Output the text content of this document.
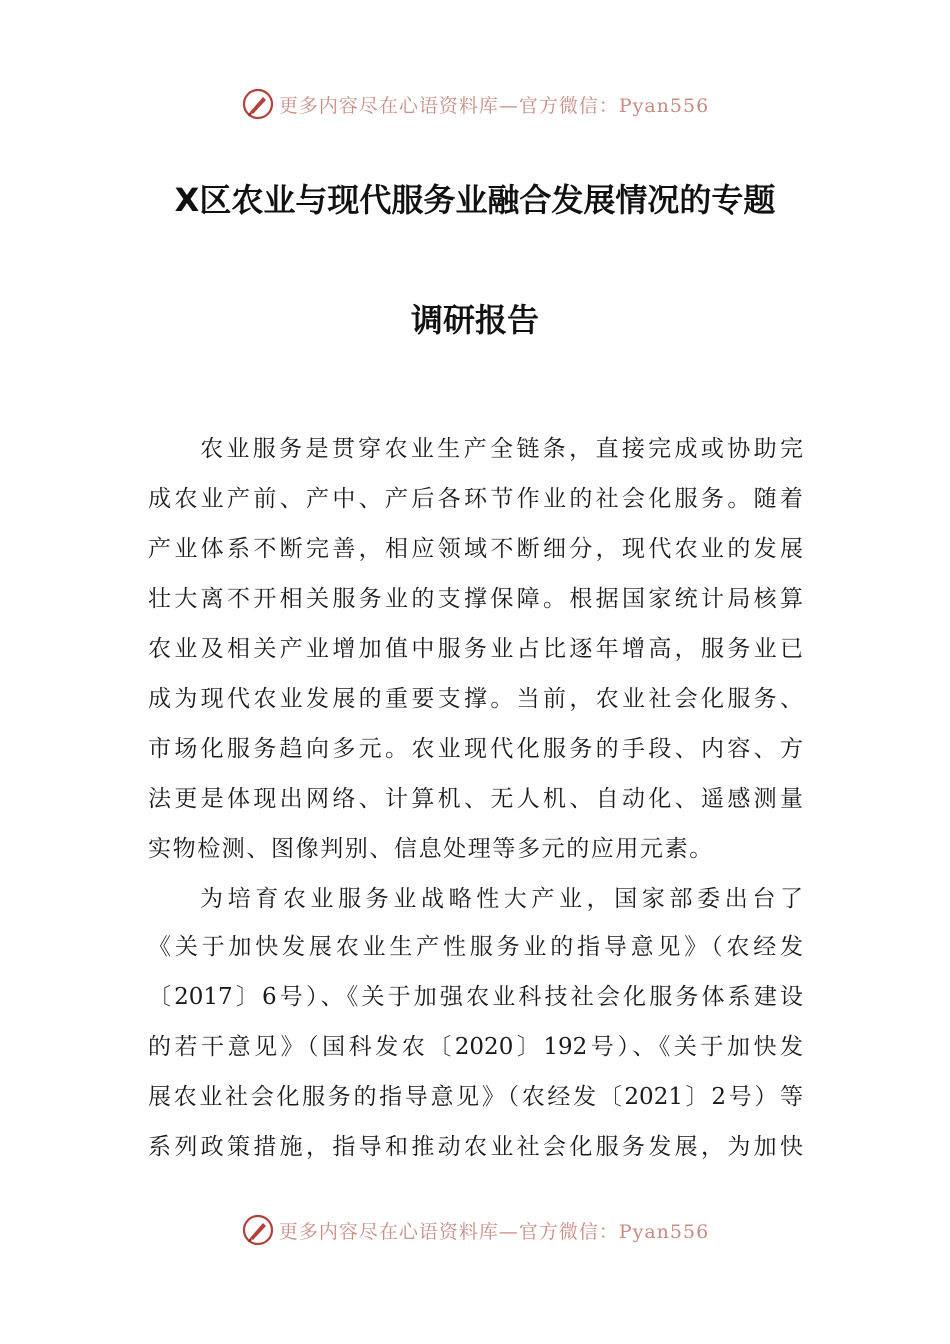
更多内容尽在心语资料库—官方微信：Pyan556
X区农业与现代服务业融合发展情况的专题
调研报告
农业服务是贯穿农业生产全链条，直接完成或协助完
成农业产前、产中、产后各环节作业的社会化服务。随着
产业体系不断完善，相应领域不断细分，现代农业的发展
壮大离不开相关服务业的支撑保障。根据国家统计局核算
农业及相关产业增加值中服务业占比逐年增高，服务业已
成为现代农业发展的重要支撑。当前，农业社会化服务、
市场化服务趋向多元。农业现代化服务的手段、内容、方
法更是体现出网络、计算机、无人机、自动化、遥感测量
实物检测、图像判别、信息处理等多元的应用元素。
为培育农业服务业战略性大产业，国家部委出台了
《关于加快发展农业生产性服务业的指导意见》（农经发
〔2017〕6号）、《关于加强农业科技社会化服务体系建设
的若干意见》（国科发农〔2020〕192号）、《关于加快发
展农业社会化服务的指导意见》（农经发〔2021〕2号）等
系列政策措施，指导和推动农业社会化服务发展，为加快
更多内容尽在心语资料库—官方微信：Pyan556
